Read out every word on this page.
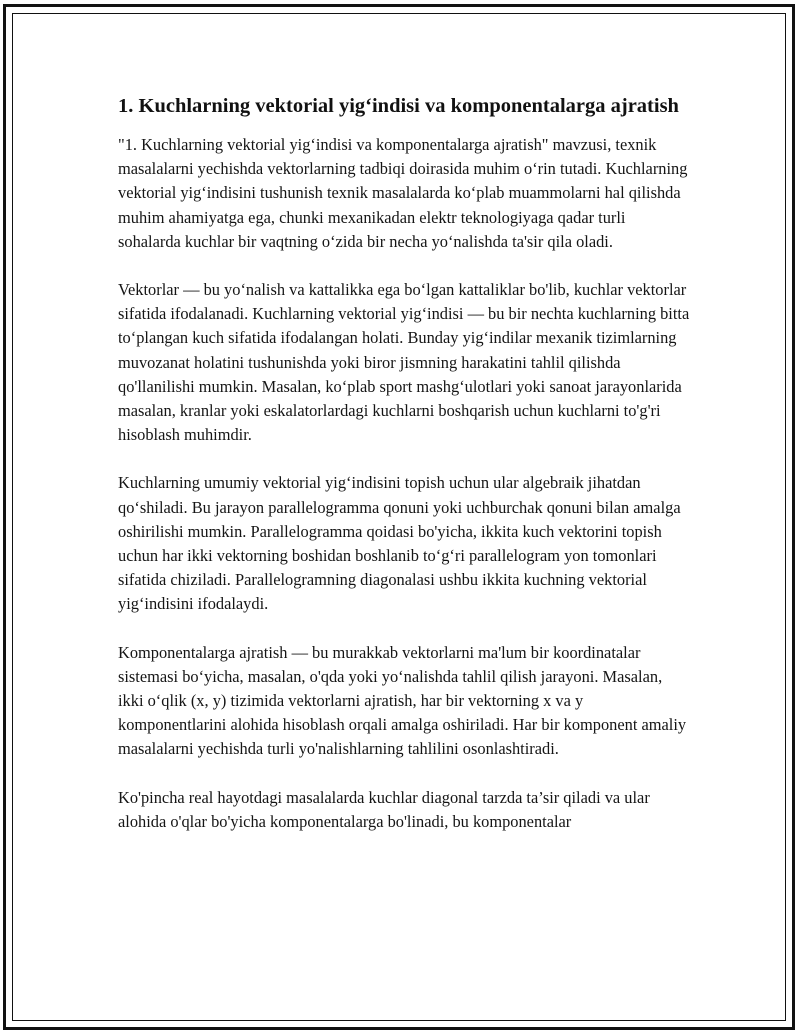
1. Kuchlarning vektorial yig‘indisi va komponentalarga ajratish

"1. Kuchlarning vektorial yig‘indisi va komponentalarga ajratish" mavzusi, texnik masalalarni yechishda vektorlarning tadbiqi doirasida muhim o‘rin tutadi. Kuchlarning vektorial yig‘indisini tushunish texnik masalalarda ko‘plab muammolarni hal qilishda muhim ahamiyatga ega, chunki mexanikadan elektr teknologiyaga qadar turli sohalarda kuchlar bir vaqtning o‘zida bir necha yo‘nalishda ta'sir qila oladi.

Vektorlar — bu yo‘nalish va kattalikka ega bo‘lgan kattaliklar bo'lib, kuchlar vektorlar sifatida ifodalanadi. Kuchlarning vektorial yig‘indisi — bu bir nechta kuchlarning bitta to‘plangan kuch sifatida ifodalangan holati. Bunday yig‘indilar mexanik tizimlarning muvozanat holatini tushunishda yoki biror jismning harakatini tahlil qilishda qo'llanilishi mumkin. Masalan, ko‘plab sport mashg‘ulotlari yoki sanoat jarayonlarida masalan, kranlar yoki eskalatorlardagi kuchlarni boshqarish uchun kuchlarni to'g'ri hisoblash muhimdir.

Kuchlarning umumiy vektorial yig‘indisini topish uchun ular algebraik jihatdan qo‘shiladi. Bu jarayon parallelogramma qonuni yoki uchburchak qonuni bilan amalga oshirilishi mumkin. Parallelogramma qoidasi bo'yicha, ikkita kuch vektorini topish uchun har ikki vektorning boshidan boshlanib to‘g‘ri parallelogram yon tomonlari sifatida chiziladi. Parallelogramning diagonalasi ushbu ikkita kuchning vektorial yig‘indisini ifodalaydi.

Komponentalarga ajratish — bu murakkab vektorlarni ma'lum bir koordinatalar sistemasi bo‘yicha, masalan, o'qda yoki yo‘nalishda tahlil qilish jarayoni. Masalan, ikki o‘qlik (x, y) tizimida vektorlarni ajratish, har bir vektorning x va y komponentlarini alohida hisoblash orqali amalga oshiriladi. Har bir komponent amaliy masalalarni yechishda turli yo'nalishlarning tahlilini osonlashtiradi.

Ko'pincha real hayotdagi masalalarda kuchlar diagonal tarzda ta’sir qiladi va ular alohida o'qlar bo'yicha komponentalarga bo'linadi, bu komponentalar
